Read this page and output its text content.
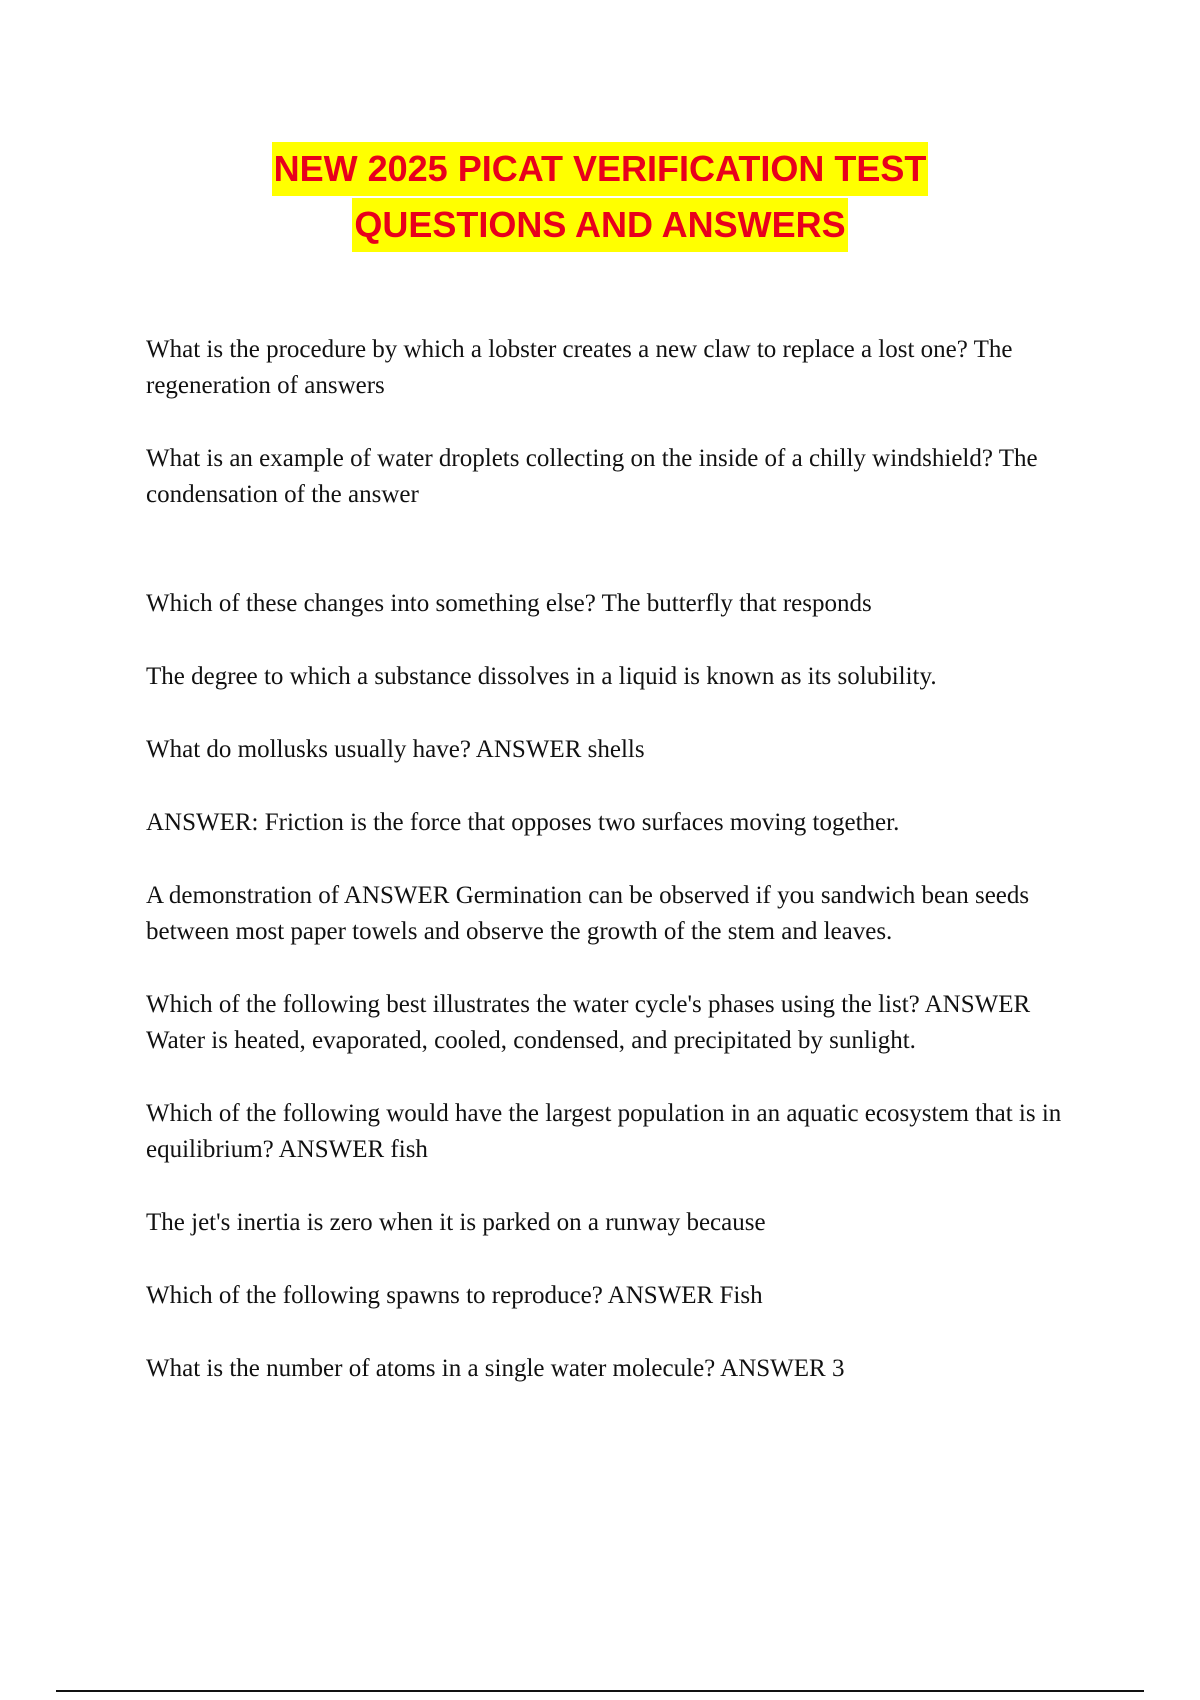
NEW 2025 PICAT VERIFICATION TEST
QUESTIONS AND ANSWERS

What is the procedure by which a lobster creates a new claw to replace a lost one? The regeneration of answers

What is an example of water droplets collecting on the inside of a chilly windshield? The condensation of the answer

Which of these changes into something else? The butterfly that responds

The degree to which a substance dissolves in a liquid is known as its solubility.

What do mollusks usually have? ANSWER shells

ANSWER: Friction is the force that opposes two surfaces moving together.

A demonstration of ANSWER Germination can be observed if you sandwich bean seeds between most paper towels and observe the growth of the stem and leaves.

Which of the following best illustrates the water cycle's phases using the list? ANSWER Water is heated, evaporated, cooled, condensed, and precipitated by sunlight.

Which of the following would have the largest population in an aquatic ecosystem that is in equilibrium? ANSWER fish

The jet's inertia is zero when it is parked on a runway because

Which of the following spawns to reproduce? ANSWER Fish

What is the number of atoms in a single water molecule? ANSWER 3
